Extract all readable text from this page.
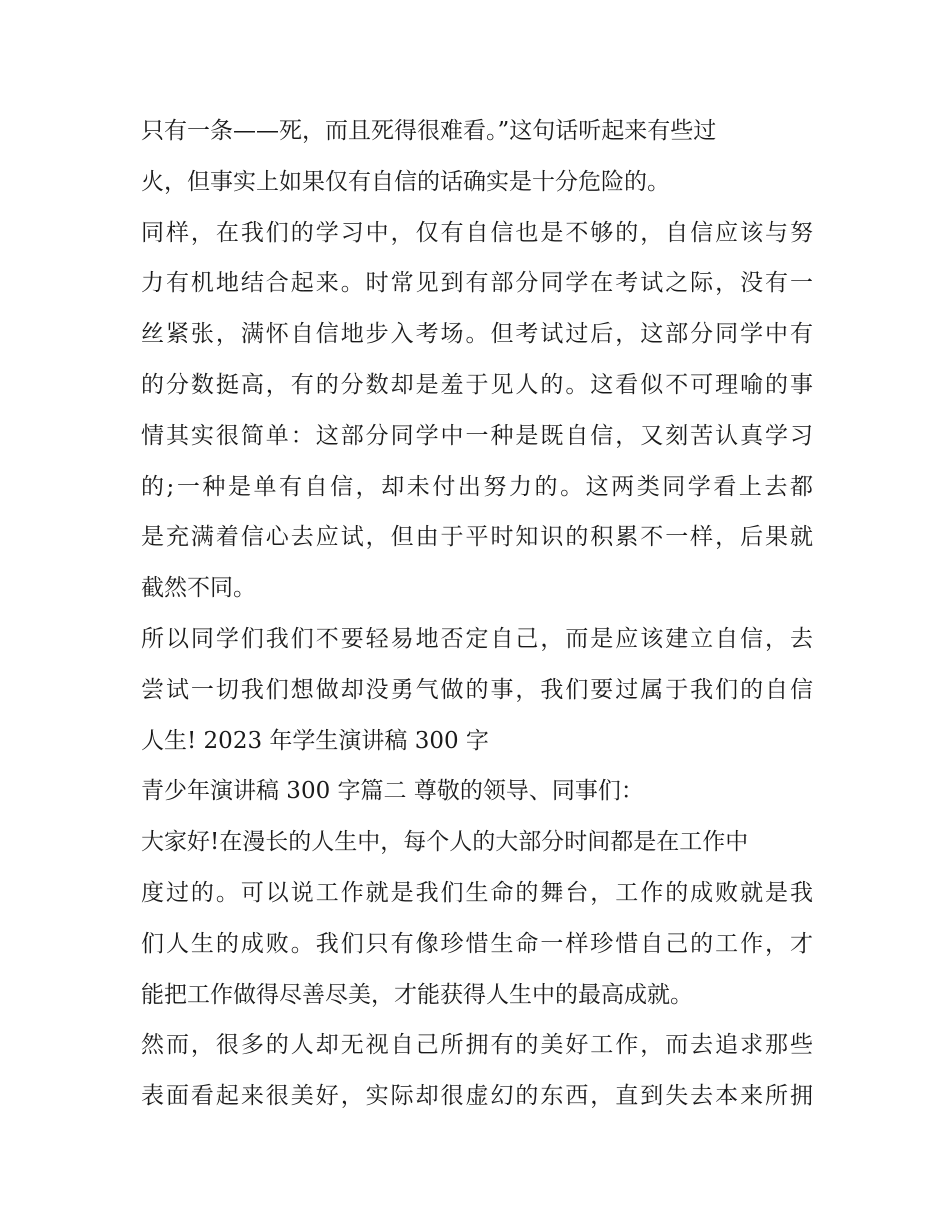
只有一条——死，而且死得很难看。”这句话听起来有些过
火，但事实上如果仅有自信的话确实是十分危险的。
同样，在我们的学习中，仅有自信也是不够的，自信应该与努
力有机地结合起来。时常见到有部分同学在考试之际，没有一
丝紧张，满怀自信地步入考场。但考试过后，这部分同学中有
的分数挺高，有的分数却是羞于见人的。这看似不可理喻的事
情其实很简单：这部分同学中一种是既自信，又刻苦认真学习
的;一种是单有自信，却未付出努力的。这两类同学看上去都
是充满着信心去应试，但由于平时知识的积累不一样，后果就
截然不同。
所以同学们我们不要轻易地否定自己，而是应该建立自信，去
尝试一切我们想做却没勇气做的事，我们要过属于我们的自信
人生! 2023 年学生演讲稿 300 字
青少年演讲稿 300 字篇二 尊敬的领导、同事们：
大家好!在漫长的人生中，每个人的大部分时间都是在工作中
度过的。可以说工作就是我们生命的舞台，工作的成败就是我
们人生的成败。我们只有像珍惜生命一样珍惜自己的工作，才
能把工作做得尽善尽美，才能获得人生中的最高成就。
然而，很多的人却无视自己所拥有的美好工作，而去追求那些
表面看起来很美好，实际却很虚幻的东西，直到失去本来所拥
